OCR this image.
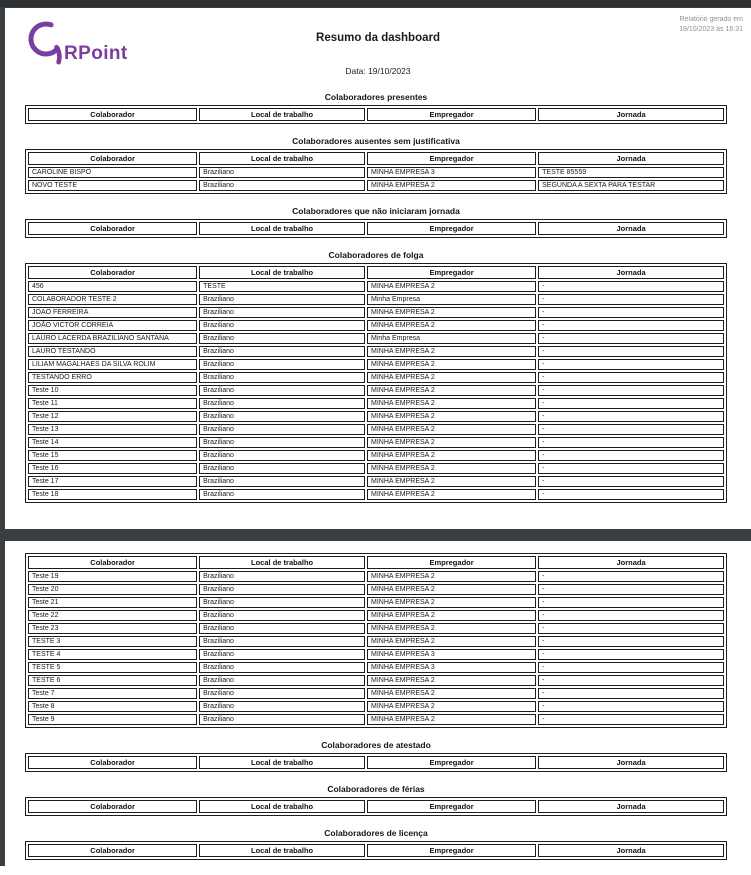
RPoint
Relatório gerado em
19/10/2023 às 16:31
Resumo da dashboard
Data: 19/10/2023
Colaboradores presentes
Colaborador	Local de trabalho	Empregador	Jornada
Colaboradores ausentes sem justificativa
Colaborador	Local de trabalho	Empregador	Jornada
CAROLINE BISPO	Braziliano	MINHA EMPRESA 3	TESTE 85559
NOVO TESTE	Braziliano	MINHA EMPRESA 2	SEGUNDA A SEXTA PARA TESTAR
Colaboradores que não iniciaram jornada
Colaborador	Local de trabalho	Empregador	Jornada
Colaboradores de folga
Colaborador	Local de trabalho	Empregador	Jornada
456	TESTE	MINHA EMPRESA 2	-
COLABORADOR TESTE 2	Braziliano	Minha Empresa	-
JOAO FERREIRA	Braziliano	MINHA EMPRESA 2	-
JOÃO VICTOR CORREIA	Braziliano	MINHA EMPRESA 2	-
LAURO LACERDA BRAZILIANO SANTANA	Braziliano	Minha Empresa	-
LAURO TESTANDO	Braziliano	MINHA EMPRESA 2	-
LILIAM MAGALHAES DA SILVA ROLIM	Braziliano	MINHA EMPRESA 2	-
TESTANDO ERRO	Braziliano	MINHA EMPRESA 2	-
Teste 10	Braziliano	MINHA EMPRESA 2	-
Teste 11	Braziliano	MINHA EMPRESA 2	-
Teste 12	Braziliano	MINHA EMPRESA 2	-
Teste 13	Braziliano	MINHA EMPRESA 2	-
Teste 14	Braziliano	MINHA EMPRESA 2	-
Teste 15	Braziliano	MINHA EMPRESA 2	-
Teste 16	Braziliano	MINHA EMPRESA 2	-
Teste 17	Braziliano	MINHA EMPRESA 2	-
Teste 18	Braziliano	MINHA EMPRESA 2	-
Colaborador	Local de trabalho	Empregador	Jornada
Teste 19	Braziliano	MINHA EMPRESA 2	-
Teste 20	Braziliano	MINHA EMPRESA 2	-
Teste 21	Braziliano	MINHA EMPRESA 2	-
Teste 22	Braziliano	MINHA EMPRESA 2	-
Teste 23	Braziliano	MINHA EMPRESA 2	-
TESTE 3	Braziliano	MINHA EMPRESA 2	-
TESTE 4	Braziliano	MINHA EMPRESA 3	-
TESTE 5	Braziliano	MINHA EMPRESA 3	-
TESTE 6	Braziliano	MINHA EMPRESA 2	-
Teste 7	Braziliano	MINHA EMPRESA 2	-
Teste 8	Braziliano	MINHA EMPRESA 2	-
Teste 9	Braziliano	MINHA EMPRESA 2	-
Colaboradores de atestado
Colaborador	Local de trabalho	Empregador	Jornada
Colaboradores de férias
Colaborador	Local de trabalho	Empregador	Jornada
Colaboradores de licença
Colaborador	Local de trabalho	Empregador	Jornada
